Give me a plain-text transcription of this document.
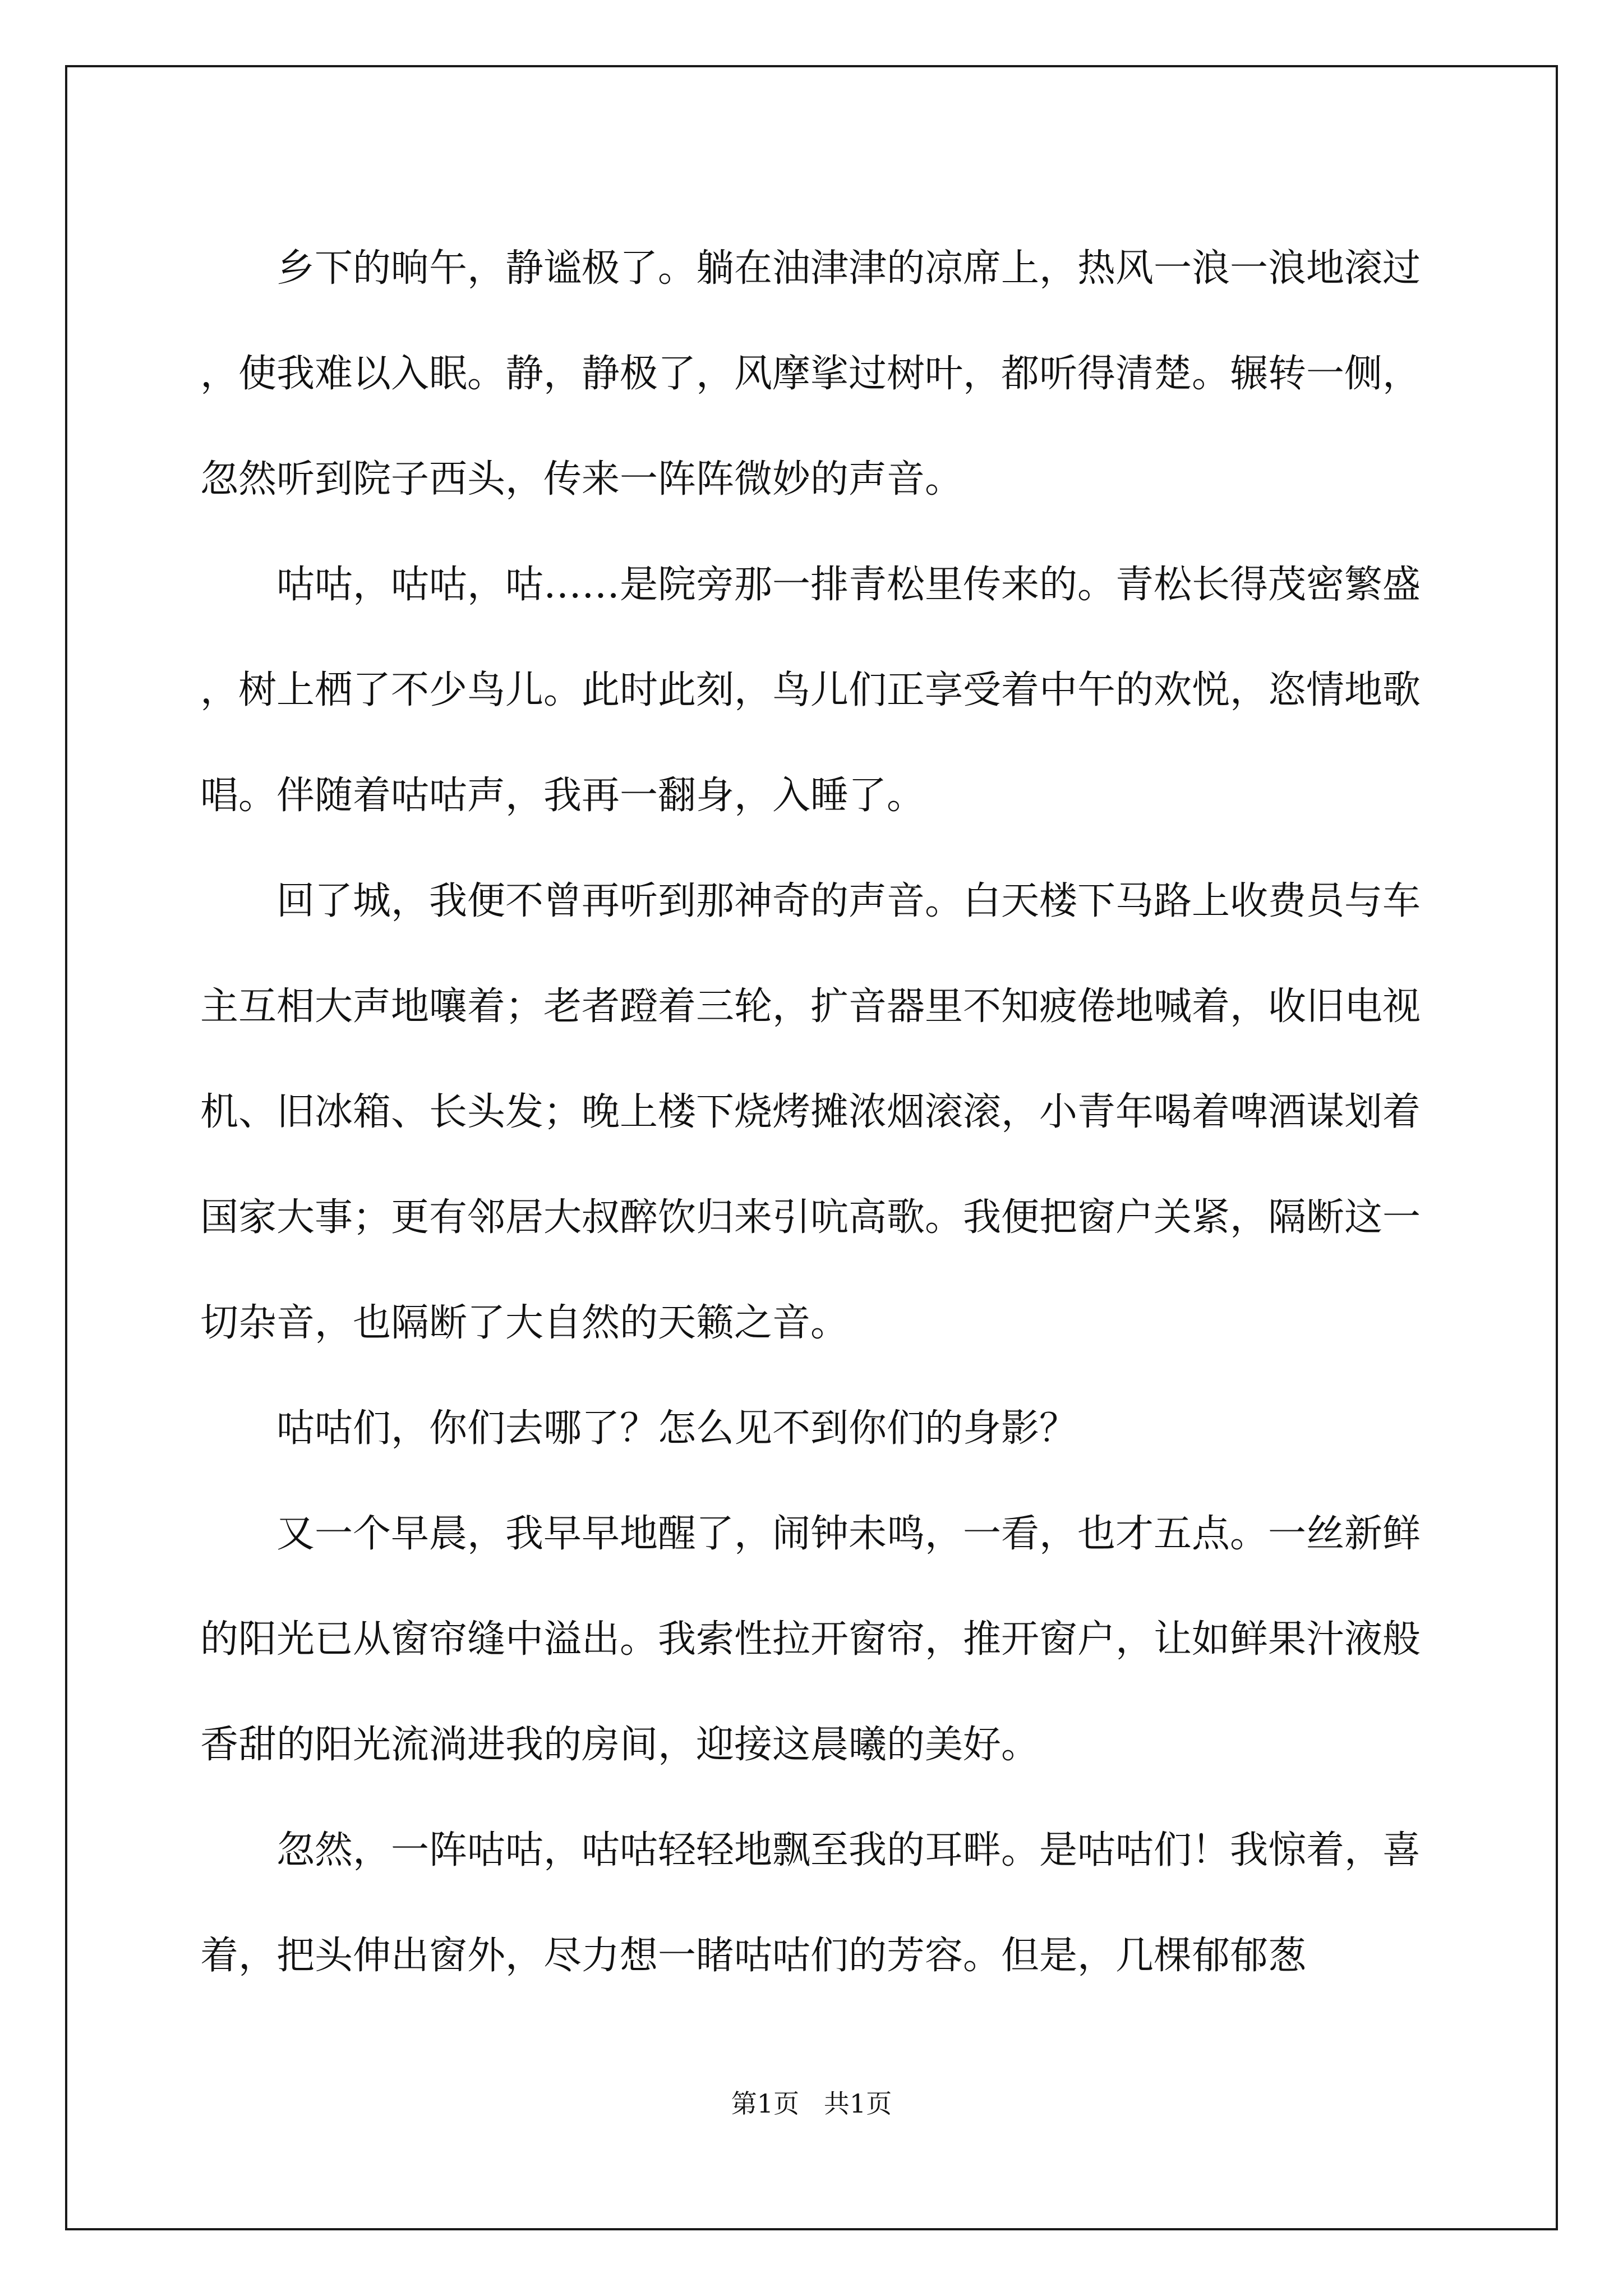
乡下的晌午，静谧极了。躺在油津津的凉席上，热风一浪一浪地滚过，使我难以入眠。静，静极了，风摩挲过树叶，都听得清楚。辗转一侧，忽然听到院子西头，传来一阵阵微妙的声音。

咕咕，咕咕，咕……是院旁那一排青松里传来的。青松长得茂密繁盛，树上栖了不少鸟儿。此时此刻，鸟儿们正享受着中午的欢悦，恣情地歌唱。伴随着咕咕声，我再一翻身，入睡了。

回了城，我便不曾再听到那神奇的声音。白天楼下马路上收费员与车主互相大声地嚷着；老者蹬着三轮，扩音器里不知疲倦地喊着，收旧电视机、旧冰箱、长头发；晚上楼下烧烤摊浓烟滚滚，小青年喝着啤酒谋划着国家大事；更有邻居大叔醉饮归来引吭高歌。我便把窗户关紧，隔断这一切杂音，也隔断了大自然的天籁之音。

咕咕们，你们去哪了？怎么见不到你们的身影？

又一个早晨，我早早地醒了，闹钟未鸣，一看，也才五点。一丝新鲜的阳光已从窗帘缝中溢出。我索性拉开窗帘，推开窗户，让如鲜果汁液般香甜的阳光流淌进我的房间，迎接这晨曦的美好。

忽然，一阵咕咕，咕咕轻轻地飘至我的耳畔。是咕咕们！我惊着，喜着，把头伸出窗外，尽力想一睹咕咕们的芳容。但是，几棵郁郁葱

第1页   共1页
